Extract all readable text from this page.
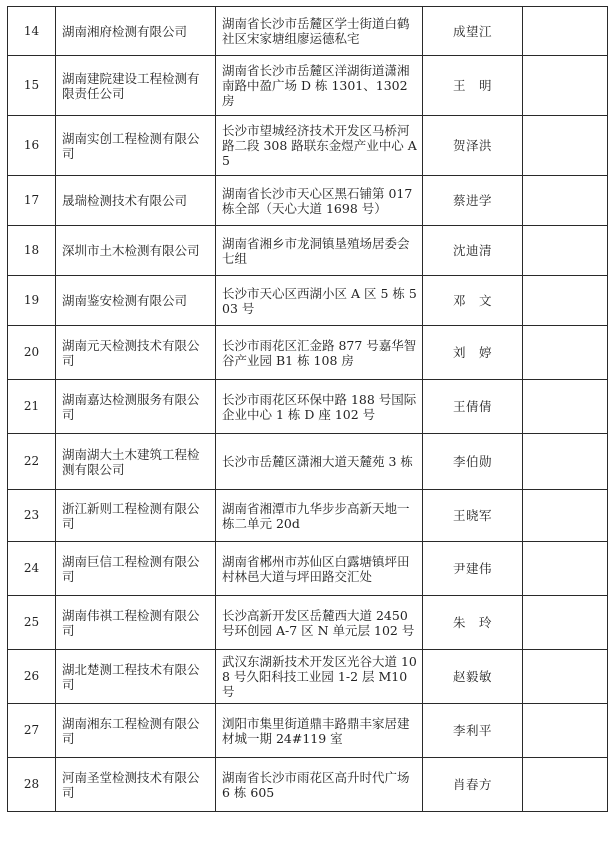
14	湖南湘府检测有限公司	湖南省长沙市岳麓区学士街道白鹤社区宋家塘组廖运德私宅	成望江	
15	湖南建院建设工程检测有限责任公司	湖南省长沙市岳麓区洋湖街道潇湘南路中盈广场 D 栋 1301、1302 房	王　明	
16	湖南实创工程检测有限公司	长沙市望城经济技术开发区马桥河路二段 308 路联东金煜产业中心 A5	贺泽洪	
17	晟瑞检测技术有限公司	湖南省长沙市天心区黑石铺第 017 栋全部（天心大道 1698 号）	蔡进学	
18	深圳市土木检测有限公司	湖南省湘乡市龙洞镇垦殖场居委会七组	沈迪清	
19	湖南鉴安检测有限公司	长沙市天心区西湖小区 A 区 5 栋 503 号	邓　文	
20	湖南元天检测技术有限公司	长沙市雨花区汇金路 877 号嘉华智谷产业园 B1 栋 108 房	刘　婷	
21	湖南嘉达检测服务有限公司	长沙市雨花区环保中路 188 号国际企业中心 1 栋 D 座 102 号	王倩倩	
22	湖南湖大土木建筑工程检测有限公司	长沙市岳麓区潇湘大道天麓苑 3 栋	李伯勋	
23	浙江新则工程检测有限公司	湖南省湘潭市九华步步高新天地一栋二单元 20d	王晓军	
24	湖南巨信工程检测有限公司	湖南省郴州市苏仙区白露塘镇坪田村林邑大道与坪田路交汇处	尹建伟	
25	湖南伟祺工程检测有限公司	长沙高新开发区岳麓西大道 2450 号环创园 A-7 区 N 单元层 102 号	朱　玲	
26	湖北楚测工程技术有限公司	武汉东湖新技术开发区光谷大道 108 号久阳科技工业园 1-2 层 M10 号	赵毅敏	
27	湖南湘东工程检测有限公司	浏阳市集里街道鼎丰路鼎丰家居建材城一期 24#119 室	李利平	
28	河南圣堂检测技术有限公司	湖南省长沙市雨花区高升时代广场 6 栋 605	肖春方	
